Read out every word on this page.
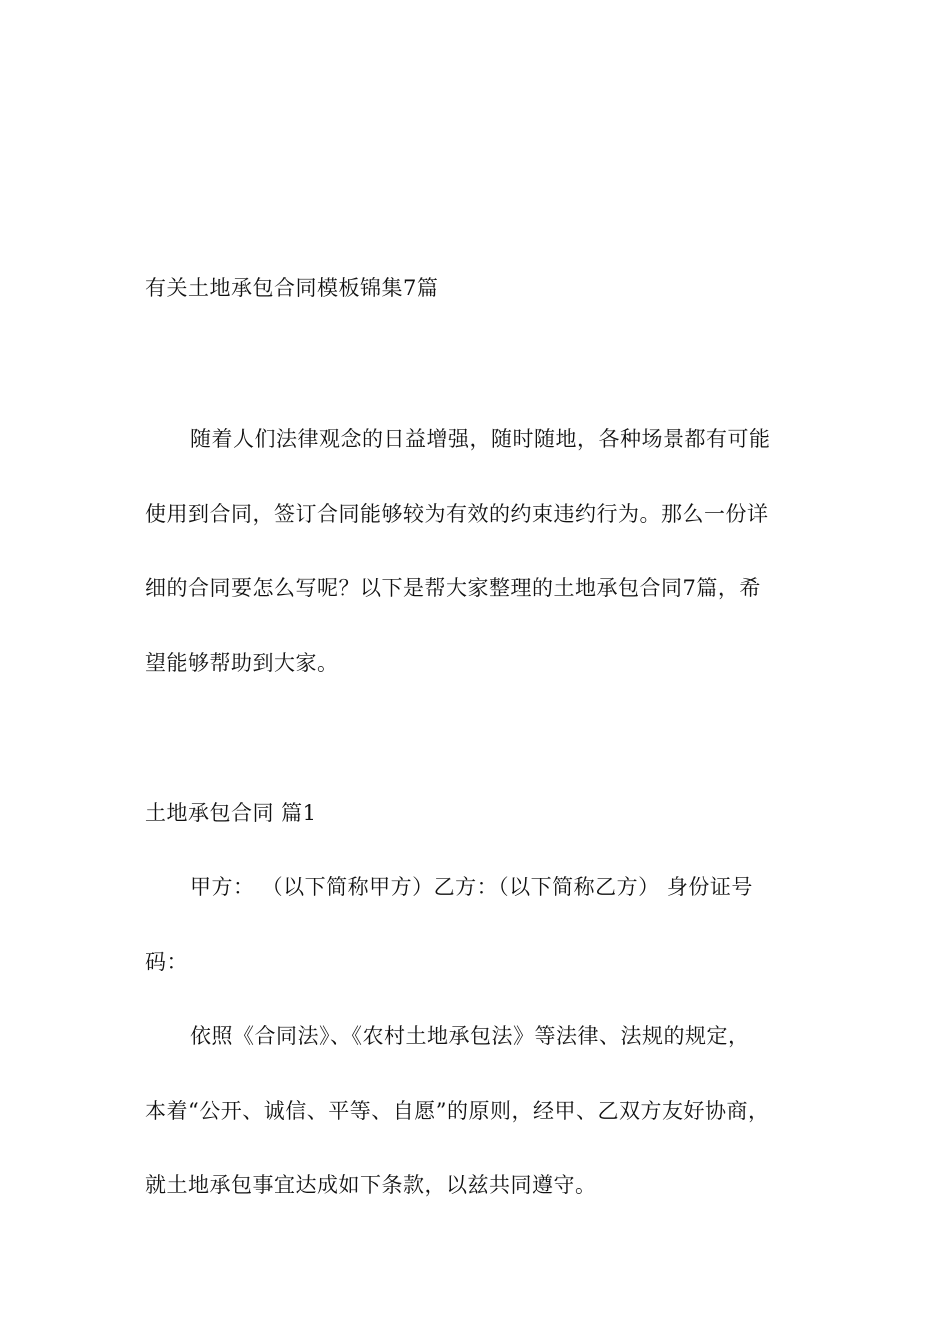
有关土地承包合同模板锦集7篇
随着人们法律观念的日益增强，随时随地，各种场景都有可能
使用到合同，签订合同能够较为有效的约束违约行为。那么一份详
细的合同要怎么写呢？以下是帮大家整理的土地承包合同7篇，希
望能够帮助到大家。
土地承包合同 篇1
甲方： （以下简称甲方）乙方：（以下简称乙方） 身份证号
码：
依照《合同法》、《农村土地承包法》等法律、法规的规定，
本着“公开、诚信、平等、自愿”的原则，经甲、乙双方友好协商，
就土地承包事宜达成如下条款，以兹共同遵守。
